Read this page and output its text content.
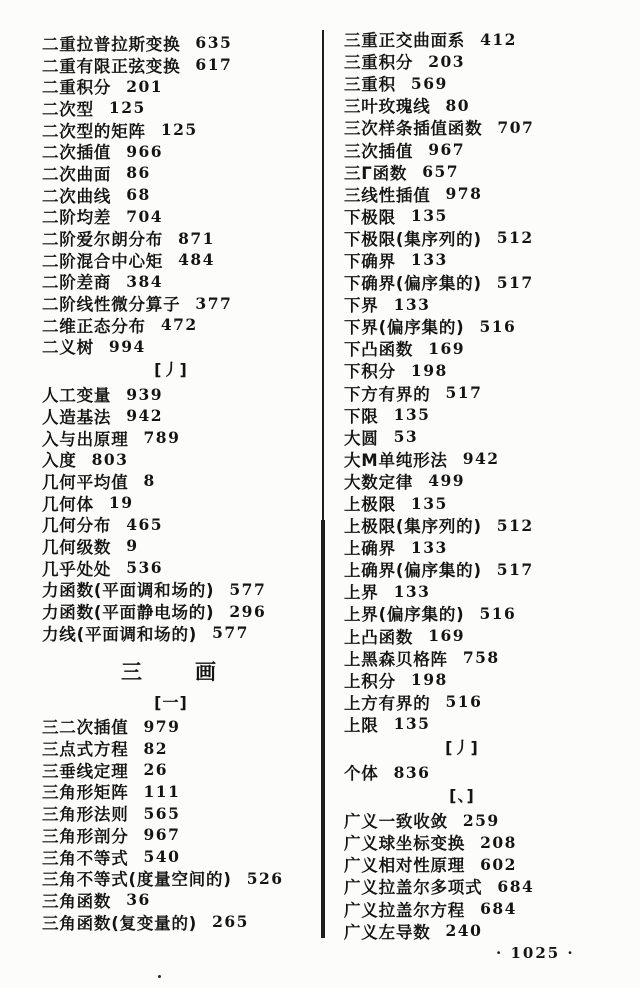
二重拉普拉斯变换 635
二重有限正弦变换 617
二重积分 201
二次型 125
二次型的矩阵 125
二次插值 966
二次曲面 86
二次曲线 68
二阶均差 704
二阶爱尔朗分布 871
二阶混合中心矩 484
二阶差商 384
二阶线性微分算子 377
二维正态分布 472
二义树 994
[丿]
人工变量 939
人造基法 942
入与出原理 789
入度 803
几何平均值 8
几何体 19
几何分布 465
几何级数 9
几乎处处 536
力函数(平面调和场的) 577
力函数(平面静电场的) 296
力线(平面调和场的) 577
三 画
[一]
三二次插值 979
三点式方程 82
三垂线定理 26
三角形矩阵 111
三角形法则 565
三角形剖分 967
三角不等式 540
三角不等式(度量空间的) 526
三角函数 36
三角函数(复变量的) 265
三重正交曲面系 412
三重积分 203
三重积 569
三叶玫瑰线 80
三次样条插值函数 707
三次插值 967
三Γ函数 657
三线性插值 978
下极限 135
下极限(集序列的) 512
下确界 133
下确界(偏序集的) 517
下界 133
下界(偏序集的) 516
下凸函数 169
下积分 198
下方有界的 517
下限 135
大圆 53
大M单纯形法 942
大数定律 499
上极限 135
上极限(集序列的) 512
上确界 133
上确界(偏序集的) 517
上界 133
上界(偏序集的) 516
上凸函数 169
上黑森贝格阵 758
上积分 198
上方有界的 516
上限 135
[丿]
个体 836
[、]
广义一致收敛 259
广义球坐标变换 208
广义相对性原理 602
广义拉盖尔多项式 684
广义拉盖尔方程 684
广义左导数 240
· 1025 ·
